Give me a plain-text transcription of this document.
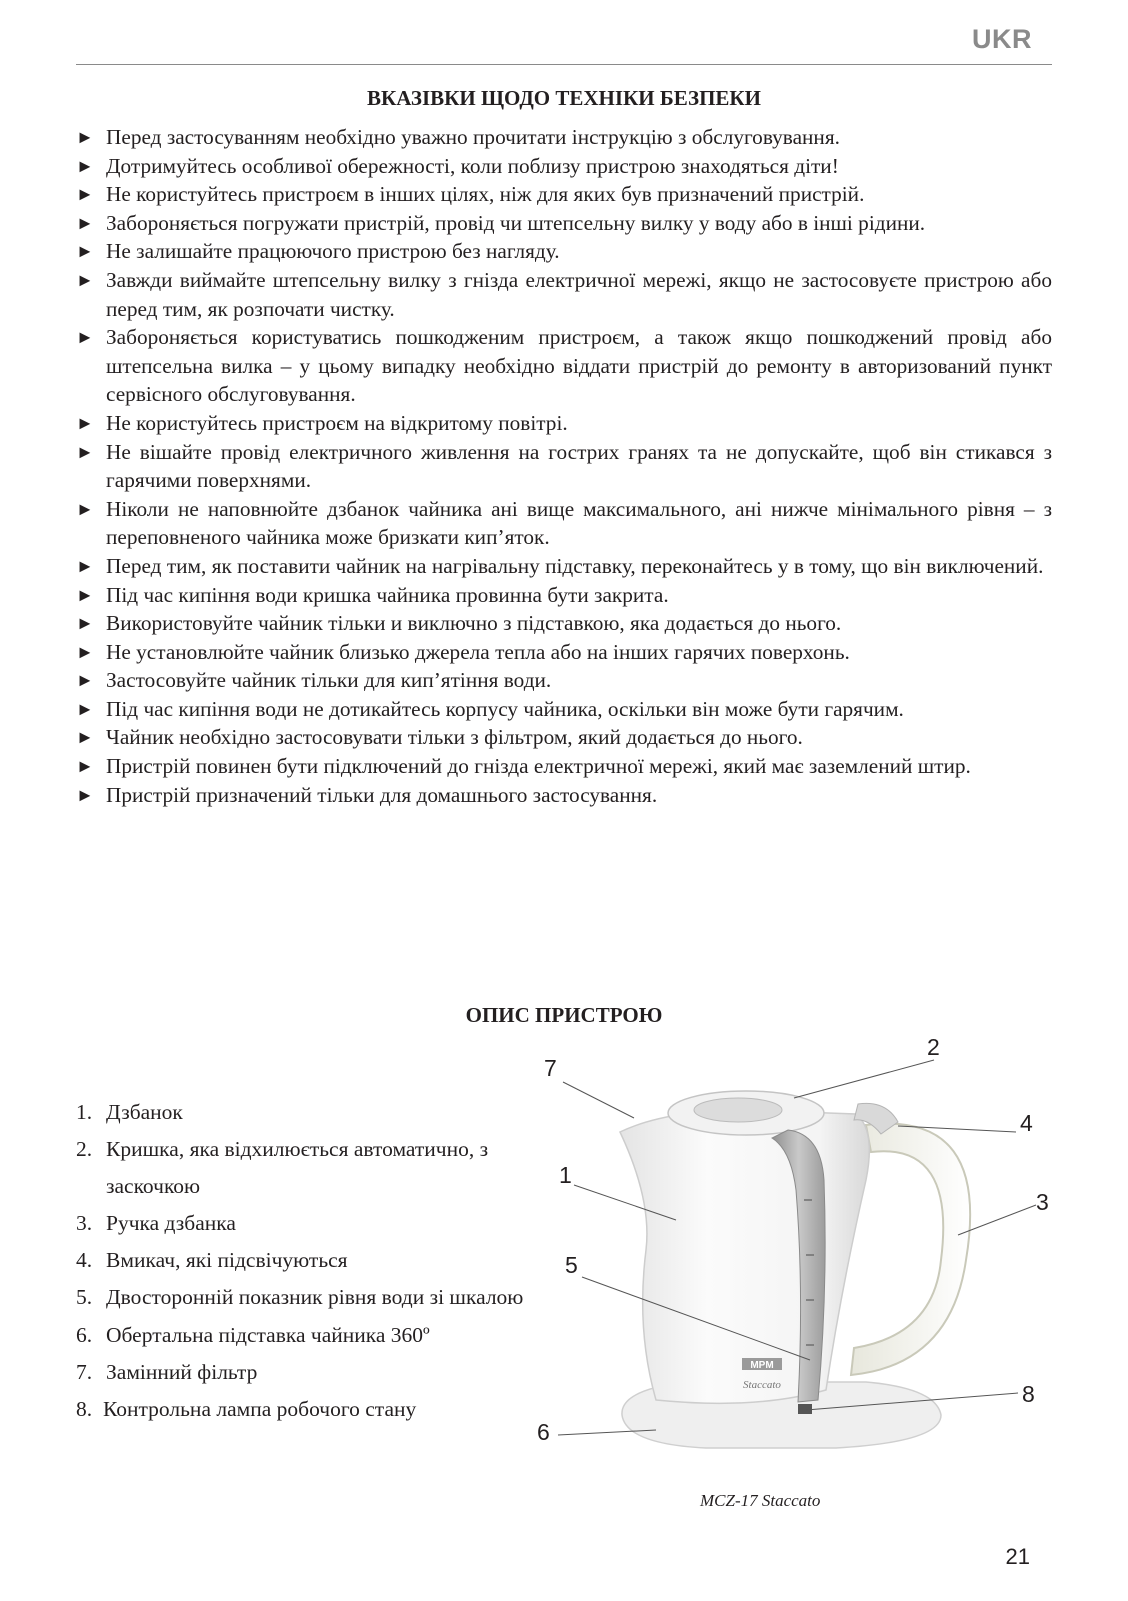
UKR
ВКАЗІВКИ ЩОДО ТЕХНІКИ БЕЗПЕКИ
► Перед застосуванням необхідно уважно прочитати інструкцію з обслуговування.
► Дотримуйтесь особливої обережності, коли поблизу пристрою знаходяться діти!
► Не користуйтесь пристроєм в інших цілях, ніж для яких був призначений пристрій.
► Забороняється погружати пристрій, провід чи штепсельну вилку у воду або в інші рідини.
► Не залишайте працюючого пристрою без нагляду.
► Завжди виймайте штепсельну вилку з гнізда електричної мережі, якщо не застосовуєте пристрою або перед тим, як розпочати чистку.
► Забороняється користуватись пошкодженим пристроєм, а також якщо пошкоджений провід або штепсельна вилка – у цьому випадку необхідно віддати пристрій до ремонту в авторизований пункт сервісного обслуговування.
► Не користуйтесь пристроєм на відкритому повітрі.
► Не вішайте провід електричного живлення на гострих гранях та не допускайте, щоб він стикався з гарячими поверхнями.
► Ніколи не наповнюйте дзбанок чайника ані вище максимального, ані нижче мінімального рівня – з переповненого чайника може бризкати кип’яток.
► Перед тим, як поставити чайник на нагрівальну підставку, переконайтесь у в тому, що він виключений.
► Під час кипіння води кришка чайника провинна бути закрита.
► Використовуйте чайник тільки и виключно з підставкою, яка додається до нього.
► Не установлюйте чайник близько джерела тепла або на інших гарячих поверхонь.
► Застосовуйте чайник тільки для кип’ятіння води.
► Під час кипіння води не дотикайтесь корпусу чайника, оскільки він може бути гарячим.
► Чайник необхідно застосовувати тільки з фільтром, який додається до нього.
► Пристрій повинен бути підключений до гнізда електричної мережі, який має заземлений штир.
► Пристрій призначений тільки для домашнього застосування.
ОПИС ПРИСТРОЮ
1. Дзбанок
2. Кришка, яка відхилюється автоматично, з заскочкою
3. Ручка дзбанка
4. Вмикач, які підсвічуються
5. Двосторонній показник рівня води зі шкалою
6. Обертальна підставка чайника 360º
7. Замінний фільтр
8. Контрольна лампа робочого стану
MPM
Staccato
7
2
4
1
3
5
8
6
MCZ-17 Staccato
21
